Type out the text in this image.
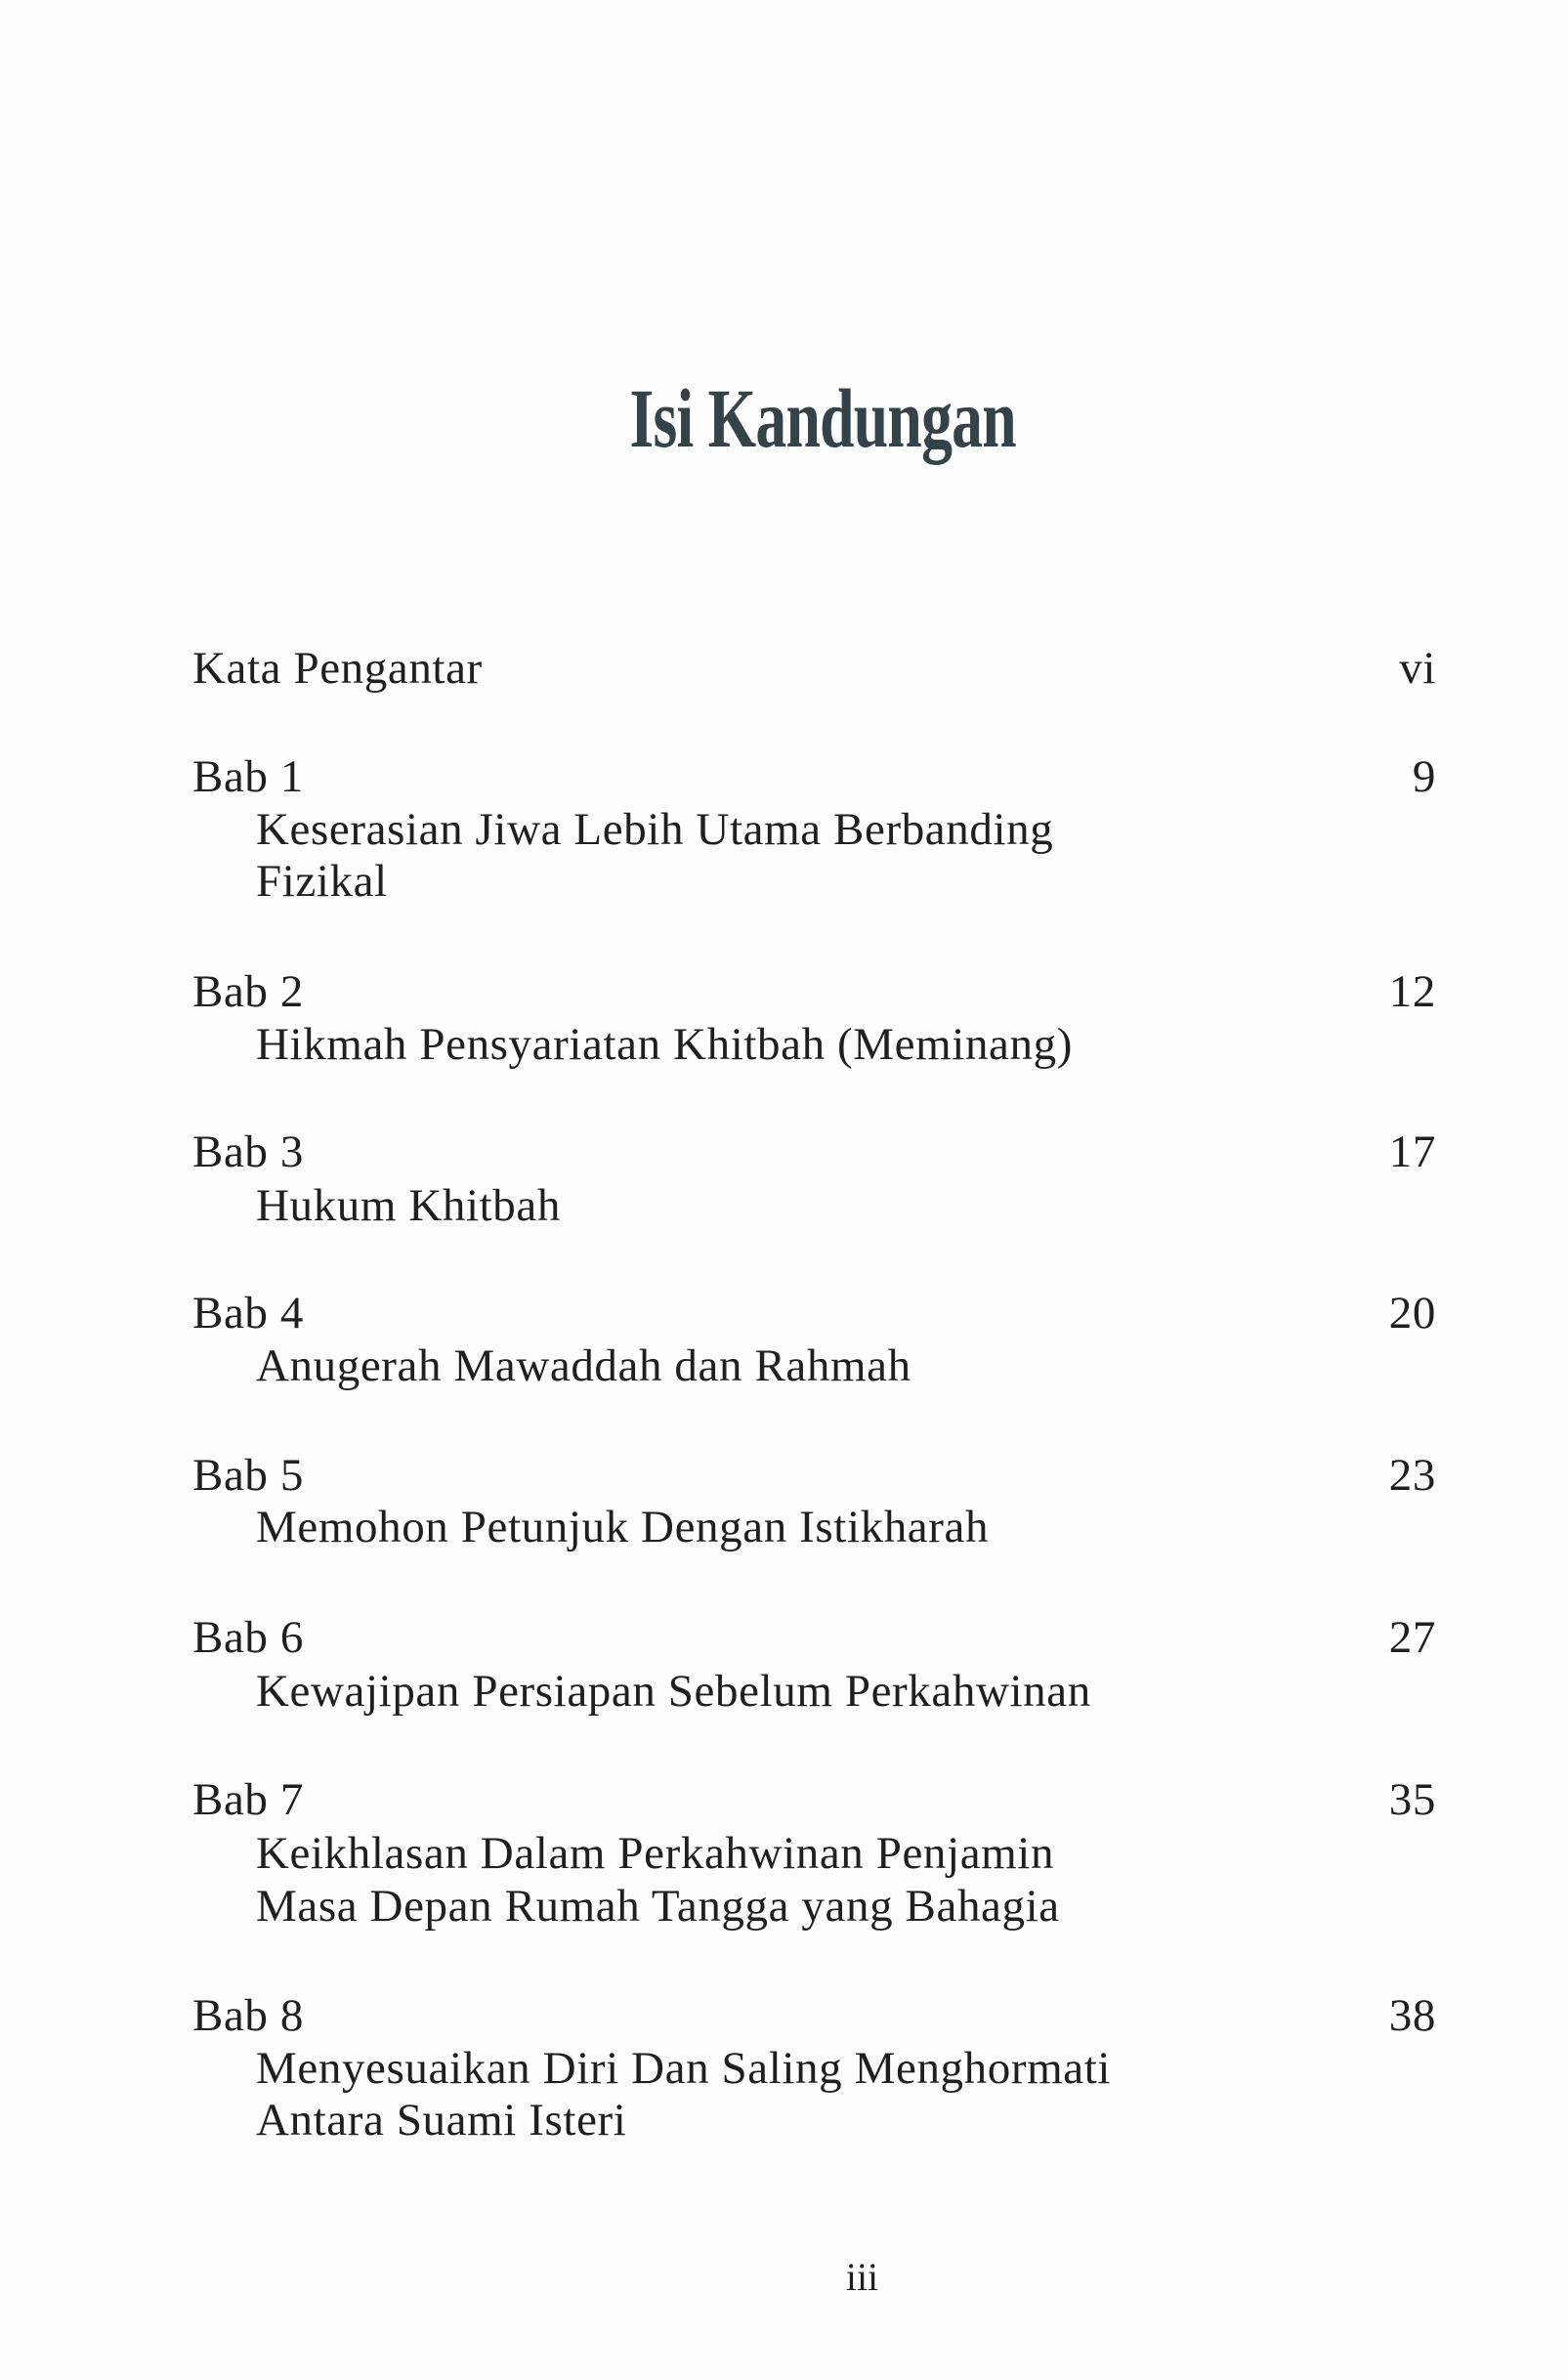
Isi Kandungan
Kata Pengantar	vi
Bab 1	9
Keserasian Jiwa Lebih Utama Berbanding
Fizikal
Bab 2	12
Hikmah Pensyariatan Khitbah (Meminang)
Bab 3	17
Hukum Khitbah
Bab 4	20
Anugerah Mawaddah dan Rahmah
Bab 5	23
Memohon Petunjuk Dengan Istikharah
Bab 6	27
Kewajipan Persiapan Sebelum Perkahwinan
Bab 7	35
Keikhlasan Dalam Perkahwinan Penjamin
Masa Depan Rumah Tangga yang Bahagia
Bab 8	38
Menyesuaikan Diri Dan Saling Menghormati
Antara Suami Isteri
iii
